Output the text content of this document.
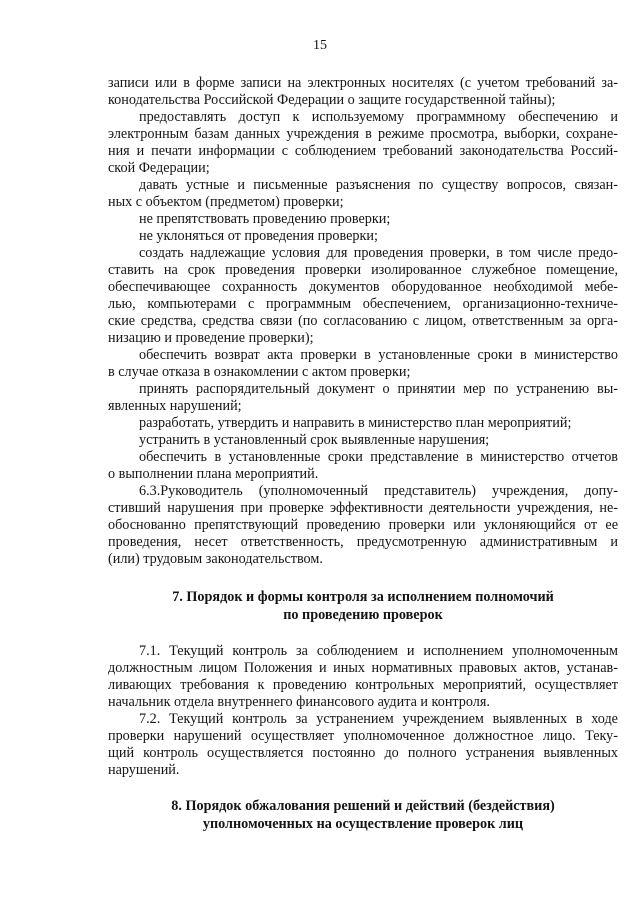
15
записи или в форме записи на электронных носителях (с учетом требований за-
конодательства Российской Федерации о защите государственной тайны);
предоставлять доступ к используемому программному обеспечению и
электронным базам данных учреждения в режиме просмотра, выборки, сохране-
ния и печати информации с соблюдением требований законодательства Россий-
ской Федерации;
давать устные и письменные разъяснения по существу вопросов, связан-
ных с объектом (предметом) проверки;
не препятствовать проведению проверки;
не уклоняться от проведения проверки;
создать надлежащие условия для проведения проверки, в том числе предо-
ставить на срок проведения проверки изолированное служебное помещение,
обеспечивающее сохранность документов оборудованное необходимой мебе-
лью, компьютерами с программным обеспечением, организационно-техниче-
ские средства, средства связи (по согласованию с лицом, ответственным за орга-
низацию и проведение проверки);
обеспечить возврат акта проверки в установленные сроки в министерство
в случае отказа в ознакомлении с актом проверки;
принять распорядительный документ о принятии мер по устранению вы-
явленных нарушений;
разработать, утвердить и направить в министерство план мероприятий;
устранить в установленный срок выявленные нарушения;
обеспечить в установленные сроки представление в министерство отчетов
о выполнении плана мероприятий.
6.3.Руководитель (уполномоченный представитель) учреждения, допу-
стивший нарушения при проверке эффективности деятельности учреждения, не-
обоснованно препятствующий проведению проверки или уклоняющийся от ее
проведения, несет ответственность, предусмотренную административным и
(или) трудовым законодательством.
7. Порядок и формы контроля за исполнением полномочий
по проведению проверок
7.1. Текущий контроль за соблюдением и исполнением уполномоченным
должностным лицом Положения и иных нормативных правовых актов, устанав-
ливающих требования к проведению контрольных мероприятий, осуществляет
начальник отдела внутреннего финансового аудита и контроля.
7.2. Текущий контроль за устранением учреждением выявленных в ходе
проверки нарушений осуществляет уполномоченное должностное лицо. Теку-
щий контроль осуществляется постоянно до полного устранения выявленных
нарушений.
8. Порядок обжалования решений и действий (бездействия)
уполномоченных на осуществление проверок лиц
